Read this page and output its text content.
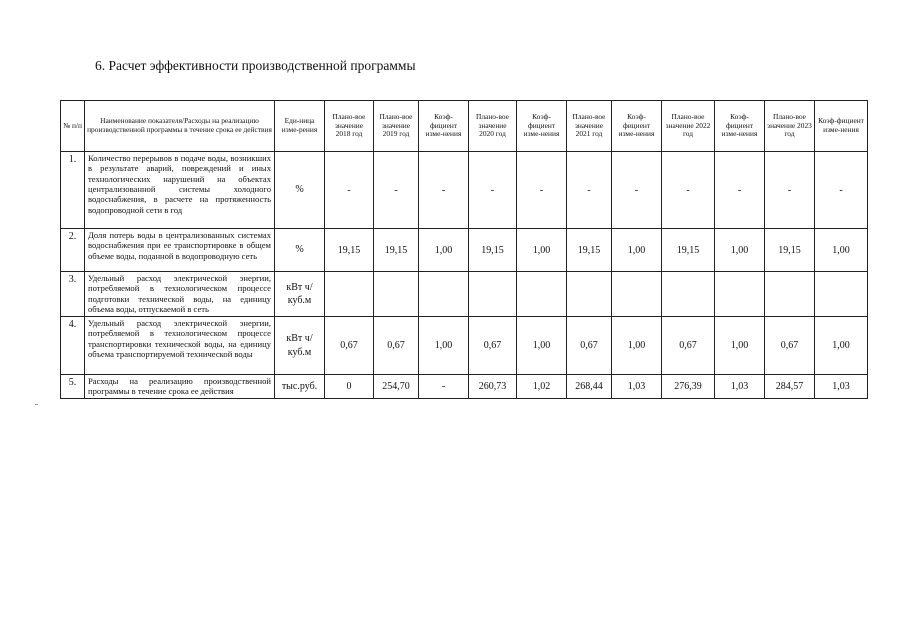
6. Расчет эффективности производственной программы
№ п/п	Наименование показателя/Расходы на реализацию производственной программы в течение срока ее действия	Еди-ница изме-рения	Плано-вое значение 2018 год	Плано-вое значение 2019 год	Коэф-фициент изме-нения	Плано-вое значение 2020 год	Коэф-фициент изме-нения	Плано-вое значение 2021 год	Коэф-фициент изме-нения	Плано-вое значение 2022 год	Коэф-фициент изме-нения	Плано-вое значение 2023 год	Коэф-фициент изме-нения
1.	Количество перерывов в подаче воды, возникших в результате аварий, повреждений и иных технологических нарушений на объектах централизованной системы холодного водоснабжения, в расчете на протяженность водопроводной сети в год	%	-	-	-	-	-	-	-	-	-	-	-
2.	Доля потерь воды в централизованных системах водоснабжения при ее транспортировке в общем объеме воды, поданной в водопроводную сеть	%	19,15	19,15	1,00	19,15	1,00	19,15	1,00	19,15	1,00	19,15	1,00
3.	Удельный расход электрической энергии, потребляемой в технологическом процессе подготовки технической воды, на единицу объема воды, отпускаемой в сеть	кВт ч/куб.м											
4.	Удельный расход электрической энергии, потребляемой в технологическом процессе транспортировки технической воды, на единицу объема транспортируемой технической воды	кВт ч/куб.м	0,67	0,67	1,00	0,67	1,00	0,67	1,00	0,67	1,00	0,67	1,00
5.	Расходы на реализацию производственной программы в течение срока ее действия	тыс.руб.	0	254,70	-	260,73	1,02	268,44	1,03	276,39	1,03	284,57	1,03
